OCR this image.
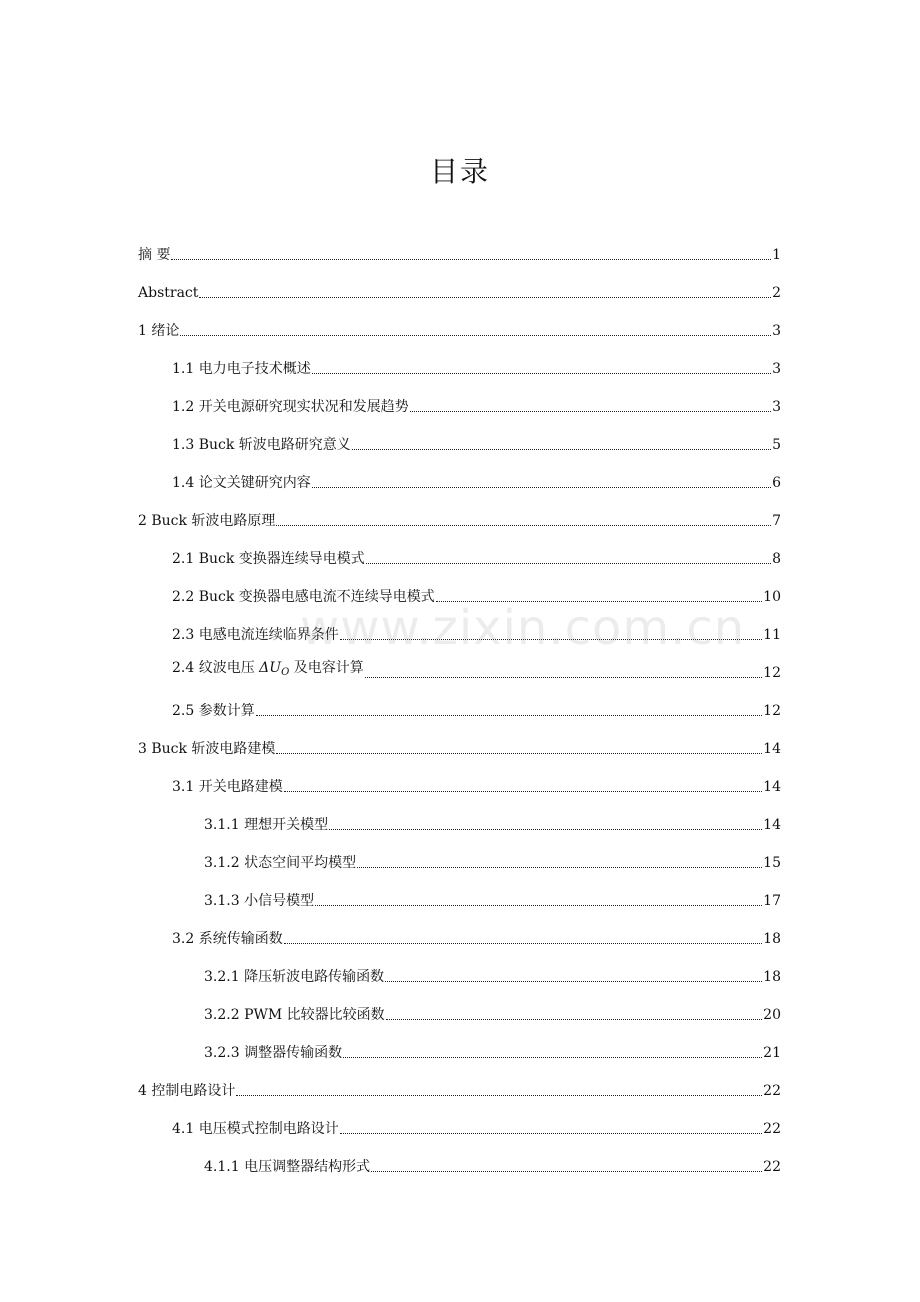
目录
摘 要	1
Abstract	2
1 绪论	3
1.1 电力电子技术概述	3
1.2 开关电源研究现实状况和发展趋势	3
1.3 Buck 斩波电路研究意义	5
1.4 论文关键研究内容	6
2 Buck 斩波电路原理	7
2.1 Buck 变换器连续导电模式	8
2.2 Buck 变换器电感电流不连续导电模式	10
2.3 电感电流连续临界条件	11
2.4 纹波电压 $\Delta U_O$ 及电容计算	12
2.5 参数计算	12
3 Buck 斩波电路建模	14
3.1 开关电路建模	14
3.1.1 理想开关模型	14
3.1.2 状态空间平均模型	15
3.1.3 小信号模型	17
3.2 系统传输函数	18
3.2.1 降压斩波电路传输函数	18
3.2.2 PWM 比较器比较函数	20
3.2.3 调整器传输函数	21
4 控制电路设计	22
4.1 电压模式控制电路设计	22
4.1.1 电压调整器结构形式	22
www.zixin.com.cn
